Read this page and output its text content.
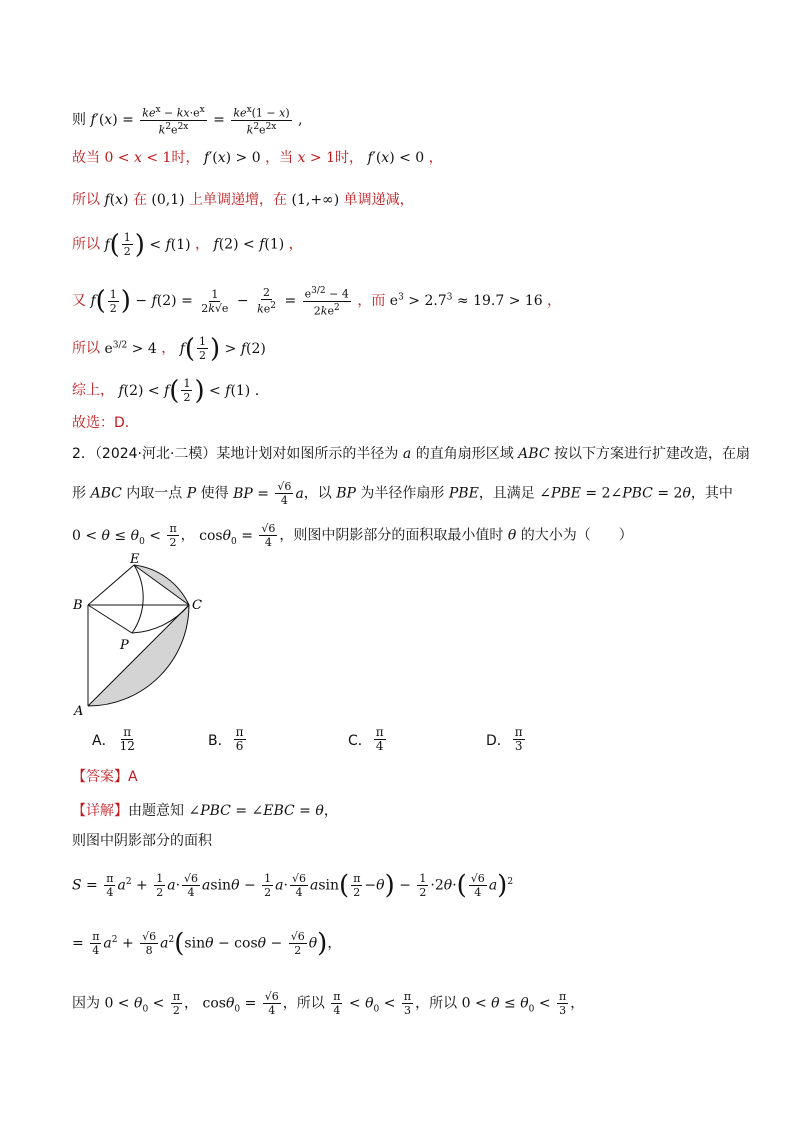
则 $f'(x) = \frac{ke^x - kx\cdot e^x}{k^2e^{2x}} = \frac{ke^x(1 - x)}{k^2e^{2x}}$ ,
故当 0 < x < 1时， f′(x) > 0 ，当 x > 1时， f′(x) < 0 ，
所以 f(x) 在 (0,1) 上单调递增，在 (1,+∞) 单调递减，
所以 $f( \frac{1}{2}$ ) < f(1) ， f(2) < f(1) ，
又 $f( \frac{1}{2}$ ) − $f(2) = \frac{1}{2k√e} - \frac{2}{ke^2} = \frac{e^{3/2} - 4}{2ke^2}$ ，而 $e^3 > 2.7^3 \approx 19.7 > 16$ ，
所以 $e^{3/2} > 4$ ， $f( \frac{1}{2}$ ) > f(2)
综上， $f(2) < f( \frac{1}{2}$ ) < f(1) .
故选：D.
2．（2024·河北·二模）某地计划对如图所示的半径为 a 的直角扇形区域 ABC 按以下方案进行扩建改造，在扇
形 ABC 内取一点 P 使得 BP = $\frac{√6}{4}$ a，以 BP 为半径作扇形 PBE，且满足 ∠PBE = 2∠PBC = 2θ，其中
$0 < \theta \le \theta_0 < \frac{\pi}{2}$ ， $\cos\theta_0 = \frac{√6}{4}$ ，则图中阴影部分的面积取最小值时 θ 的大小为（　　）
E
B	C
P
A
A． $\frac{\pi}{12}$	B． $\frac{\pi}{6}$	C． $\frac{\pi}{4}$	D． $\frac{\pi}{3}$
【答案】A
【详解】由题意知 ∠PBC = ∠EBC = θ，
则图中阴影部分的面积
$S = \frac{\pi}{4} a^2 + \frac{1}{2} a\cdot \frac{√6}{4}$ $asin\theta - \frac{1}{2} a\cdot \frac{√6}{4} asin( \frac{\pi}{2} -\theta) - \frac{1}{2} \cdot 2\theta\cdot( \frac{√6}{4} a)^2$
= $\frac{\pi}{4} a^2 + \frac{√6}{8} a^2(\sin\theta - \cos\theta - \frac{√6}{2} \theta)$，
因为 $0 < \theta_0 < \frac{\pi}{2}$ ， $\cos\theta_0 = \frac{√6}{4}$ ，所以 $\frac{\pi}{4} < \theta_0 < \frac{\pi}{3}$ ，所以 $0 < \theta \le \theta_0 < \frac{\pi}{3}$ ，
